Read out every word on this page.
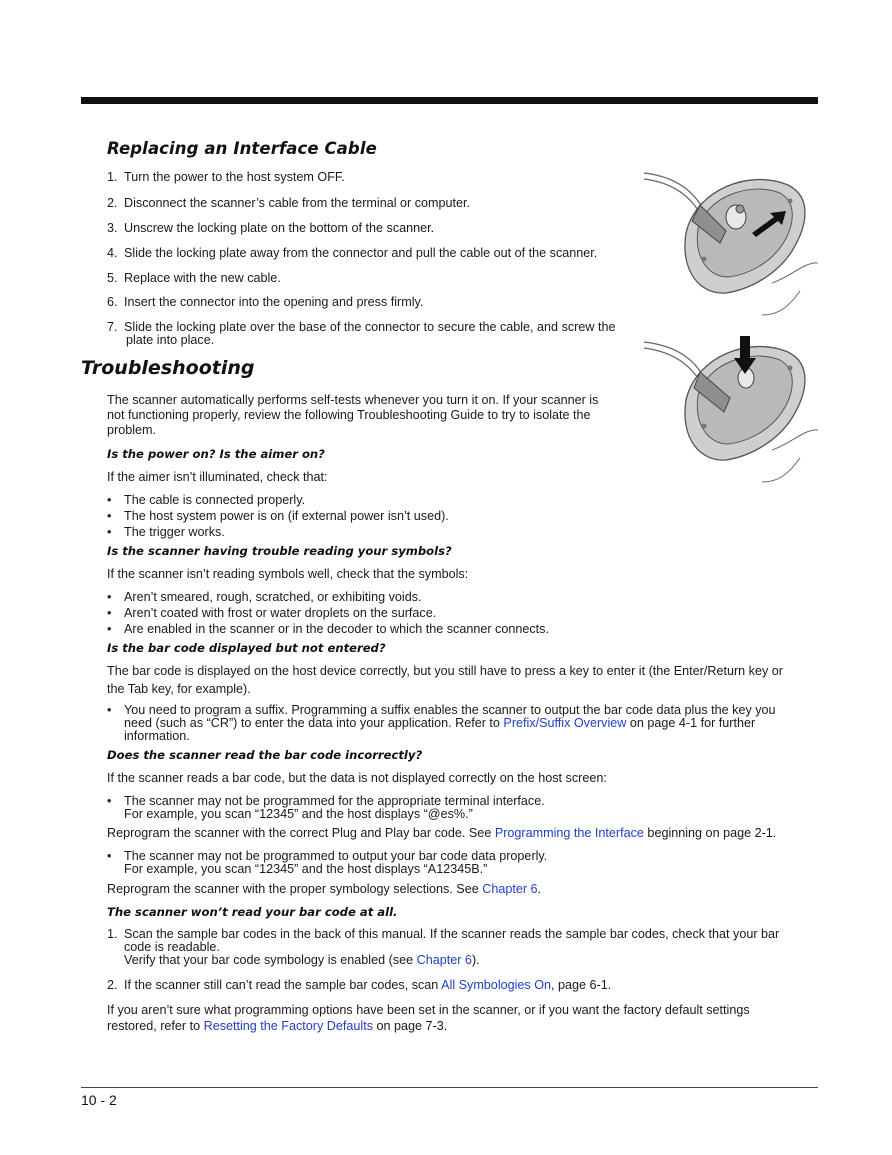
Replacing an Interface Cable
1. Turn the power to the host system OFF.
2. Disconnect the scanner’s cable from the terminal or computer.
3. Unscrew the locking plate on the bottom of the scanner.
4. Slide the locking plate away from the connector and pull the cable out of the scanner.
5. Replace with the new cable.
6. Insert the connector into the opening and press firmly.
7. Slide the locking plate over the base of the connector to secure the cable, and screw the
plate into place.
Troubleshooting
The scanner automatically performs self-tests whenever you turn it on. If your scanner is
not functioning properly, review the following Troubleshooting Guide to try to isolate the
problem.
Is the power on? Is the aimer on?
If the aimer isn’t illuminated, check that:
• The cable is connected properly.
• The host system power is on (if external power isn’t used).
• The trigger works.
Is the scanner having trouble reading your symbols?
If the scanner isn’t reading symbols well, check that the symbols:
• Aren’t smeared, rough, scratched, or exhibiting voids.
• Aren’t coated with frost or water droplets on the surface.
• Are enabled in the scanner or in the decoder to which the scanner connects.
Is the bar code displayed but not entered?
The bar code is displayed on the host device correctly, but you still have to press a key to enter it (the Enter/Return key or
the Tab key, for example).
• You need to program a suffix. Programming a suffix enables the scanner to output the bar code data plus the key you
need (such as “CR”) to enter the data into your application. Refer to Prefix/Suffix Overview on page 4-1 for further
information.
Does the scanner read the bar code incorrectly?
If the scanner reads a bar code, but the data is not displayed correctly on the host screen:
• The scanner may not be programmed for the appropriate terminal interface.
For example, you scan “12345” and the host displays “@es%.”
Reprogram the scanner with the correct Plug and Play bar code. See Programming the Interface beginning on page 2-1.
• The scanner may not be programmed to output your bar code data properly.
For example, you scan “12345” and the host displays “A12345B.”
Reprogram the scanner with the proper symbology selections. See Chapter 6.
The scanner won’t read your bar code at all.
1. Scan the sample bar codes in the back of this manual. If the scanner reads the sample bar codes, check that your bar
code is readable.
Verify that your bar code symbology is enabled (see Chapter 6).
2. If the scanner still can’t read the sample bar codes, scan All Symbologies On, page 6-1.
If you aren’t sure what programming options have been set in the scanner, or if you want the factory default settings
restored, refer to Resetting the Factory Defaults on page 7-3.
10 - 2
